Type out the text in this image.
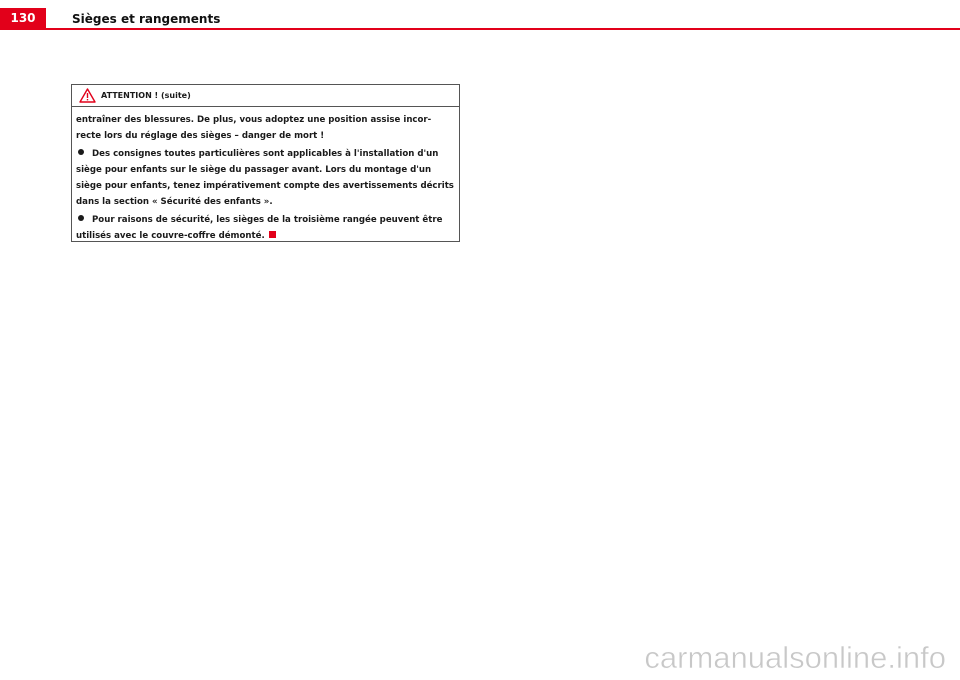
130	Sièges et rangements
ATTENTION ! (suite)

entraîner des blessures. De plus, vous adoptez une position assise incor-recte lors du réglage des sièges – danger de mort !

Des consignes toutes particulières sont applicables à l'installation d'un siège pour enfants sur le siège du passager avant. Lors du montage d'un siège pour enfants, tenez impérativement compte des avertissements décrits dans la section « Sécurité des enfants ».
Pour raisons de sécurité, les sièges de la troisième rangée peuvent être utilisés avec le couvre-coffre démonté.
carmanualsonline.info
